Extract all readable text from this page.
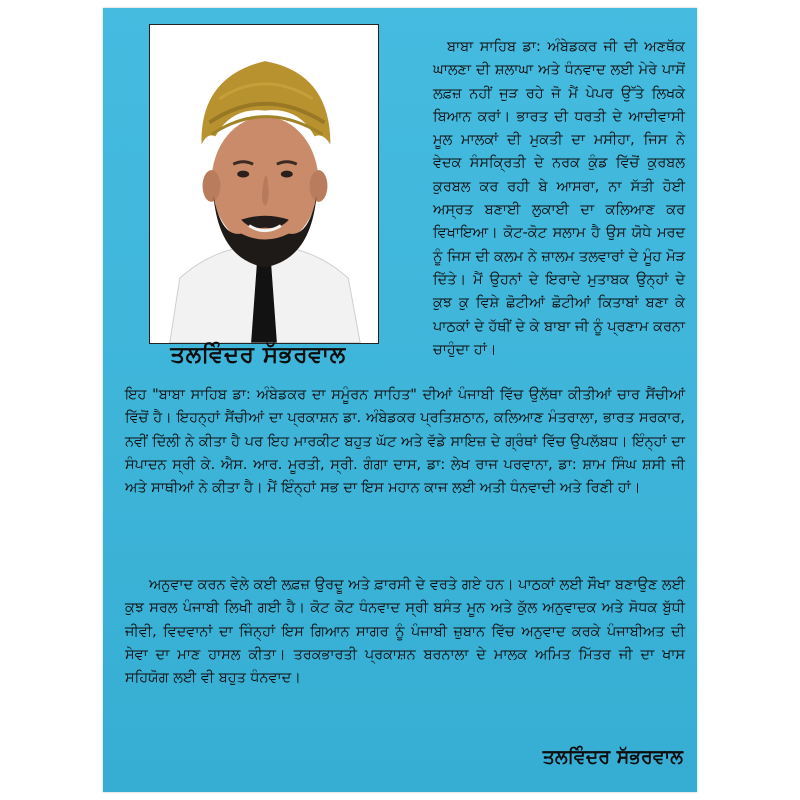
ਤਲਵਿੰਦਰ ਸੱਭਰਵਾਲ

ਬਾਬਾ ਸਾਹਿਬ ਡਾ: ਅੰਬੇਡਕਰ ਜੀ ਦੀ ਅਣਥੱਕ ਘਾਲਣਾ ਦੀ ਸ਼ਲਾਘਾ ਅਤੇ ਧੰਨਵਾਦ ਲਈ ਮੇਰੇ ਪਾਸੋਂ ਲਫ਼ਜ਼ ਨਹੀਂ ਜੁੜ ਰਹੇ ਜੋ ਮੈਂ ਪੇਪਰ ਉੱਤੇ ਲਿਖਕੇ ਬਿਆਨ ਕਰਾਂ। ਭਾਰਤ ਦੀ ਧਰਤੀ ਦੇ ਆਦੀਵਾਸੀ ਮੂਲ ਮਾਲਕਾਂ ਦੀ ਮੁਕਤੀ ਦਾ ਮਸੀਹਾ, ਜਿਸ ਨੇ ਵੇਦਕ ਸੰਸਕ੍ਰਿਤੀ ਦੇ ਨਰਕ ਕੁੰਡ ਵਿੱਚੋਂ ਕੁਰਬਲ ਕੁਰਬਲ ਕਰ ਰਹੀ ਬੇ ਆਸਰਾ, ਨਾ ਸੱਤੀ ਹੋਈ ਅਸ੍ਰਤ ਬਣਾਈ ਲੁਕਾਈ ਦਾ ਕਲਿਆਣ ਕਰ ਵਿਖਾਇਆ। ਕੋਟ-ਕੋਟ ਸਲਾਮ ਹੈ ਉਸ ਯੋਧੇ ਮਰਦ ਨੂੰ ਜਿਸ ਦੀ ਕਲਮ ਨੇ ਜ਼ਾਲਮ ਤਲਵਾਰਾਂ ਦੇ ਮੂੰਹ ਮੋੜ ਦਿੱਤੇ। ਮੈਂ ਉਹਨਾਂ ਦੇ ਇਰਾਦੇ ਮੁਤਾਬਕ ਉਨ੍ਹਾਂ ਦੇ ਕੁਝ ਕੁ ਵਿਸ਼ੇ ਛੋਟੀਆਂ ਛੋਟੀਆਂ ਕਿਤਾਬਾਂ ਬਣਾ ਕੇ ਪਾਠਕਾਂ ਦੇ ਹੱਥੀਂ ਦੇ ਕੇ ਬਾਬਾ ਜੀ ਨੂੰ ਪ੍ਰਣਾਮ ਕਰਨਾ ਚਾਹੁੰਦਾ ਹਾਂ।

ਇਹ "ਬਾਬਾ ਸਾਹਿਬ ਡਾ: ਅੰਬੇਡਕਰ ਦਾ ਸਮੂੰਰਨ ਸਾਹਿਤ" ਦੀਆਂ ਪੰਜਾਬੀ ਵਿੱਚ ਉਲੱਥਾ ਕੀਤੀਆਂ ਚਾਰ ਸੈਂਚੀਆਂ ਵਿੱਚੋਂ ਹੈ। ਇਹਨ੍ਹਾਂ ਸੈਂਚੀਆਂ ਦਾ ਪ੍ਰਕਾਸ਼ਨ ਡਾ. ਅੰਬੇਡਕਰ ਪ੍ਰਤਿਸ਼ਠਾਨ, ਕਲਿਆਣ ਮੰਤਰਾਲਾ, ਭਾਰਤ ਸਰਕਾਰ, ਨਵੀਂ ਦਿੱਲੀ ਨੇ ਕੀਤਾ ਹੈ ਪਰ ਇਹ ਮਾਰਕੀਟ ਬਹੁਤ ਘੱਟ ਅਤੇ ਵੱਡੇ ਸਾਇਜ਼ ਦੇ ਗ੍ਰੰਥਾਂ ਵਿੱਚ ਉਪਲੱਬਧ। ਇੰਨ੍ਹਾਂ ਦਾ ਸੰਪਾਦਨ ਸ੍ਰੀ ਕੇ. ਐਸ. ਆਰ. ਮੂਰਤੀ, ਸ੍ਰੀ. ਗੰਗਾ ਦਾਸ, ਡਾ: ਲੇਖ ਰਾਜ ਪਰਵਾਨਾ, ਡਾ: ਸ਼ਾਮ ਸਿੰਘ ਸ਼ਸੀ ਜੀ ਅਤੇ ਸਾਥੀਆਂ ਨੇ ਕੀਤਾ ਹੈ। ਮੈਂ ਇੰਨ੍ਹਾਂ ਸਭ ਦਾ ਇਸ ਮਹਾਨ ਕਾਜ ਲਈ ਅਤੀ ਧੰਨਵਾਦੀ ਅਤੇ ਰਿਣੀ ਹਾਂ।

ਅਨੁਵਾਦ ਕਰਨ ਵੇਲੇ ਕਈ ਲਫ਼ਜ਼ ਉਰਦੂ ਅਤੇ ਫ਼ਾਰਸੀ ਦੇ ਵਰਤੇ ਗਏ ਹਨ। ਪਾਠਕਾਂ ਲਈ ਸੌਖਾ ਬਣਾਉਣ ਲਈ ਕੁਝ ਸਰਲ ਪੰਜਾਬੀ ਲਿਖੀ ਗਈ ਹੈ। ਕੋਟ ਕੋਟ ਧੰਨਵਾਦ ਸ੍ਰੀ ਬਸੰਤ ਮੂਨ ਅਤੇ ਕੁੱਲ ਅਨੁਵਾਦਕ ਅਤੇ ਸੋਧਕ ਬੁੱਧੀ ਜੀਵੀ, ਵਿਦਵਾਨਾਂ ਦਾ ਜਿੰਨ੍ਹਾਂ ਇਸ ਗਿਆਨ ਸਾਗਰ ਨੂੰ ਪੰਜਾਬੀ ਜ਼ੁਬਾਨ ਵਿੱਚ ਅਨੁਵਾਦ ਕਰਕੇ ਪੰਜਾਬੀਅਤ ਦੀ ਸੇਵਾ ਦਾ ਮਾਣ ਹਾਸਲ ਕੀਤਾ। ਤਰਕਭਾਰਤੀ ਪ੍ਰਕਾਸ਼ਨ ਬਰਨਾਲਾ ਦੇ ਮਾਲਕ ਅਮਿਤ ਮਿੱਤਰ ਜੀ ਦਾ ਖਾਸ ਸਹਿਯੋਗ ਲਈ ਵੀ ਬਹੁਤ ਧੰਨਵਾਦ।

ਤਲਵਿੰਦਰ ਸੱਭਰਵਾਲ
